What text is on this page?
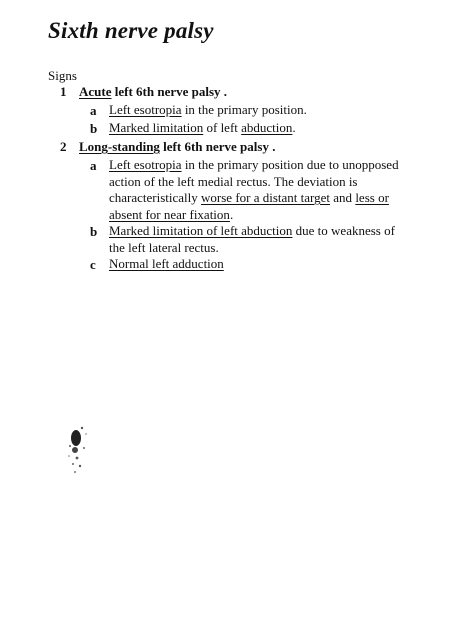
Sixth nerve palsy
Signs
1 Acute left 6th nerve palsy .
a Left esotropia in the primary position.
b Marked limitation of left abduction.
2 Long-standing left 6th nerve palsy .
a Left esotropia in the primary position due to unopposed action of the left medial rectus. The deviation is characteristically worse for a distant target and less or absent for near fixation.
b Marked limitation of left abduction due to weakness of the left lateral rectus.
c Normal left adduction
